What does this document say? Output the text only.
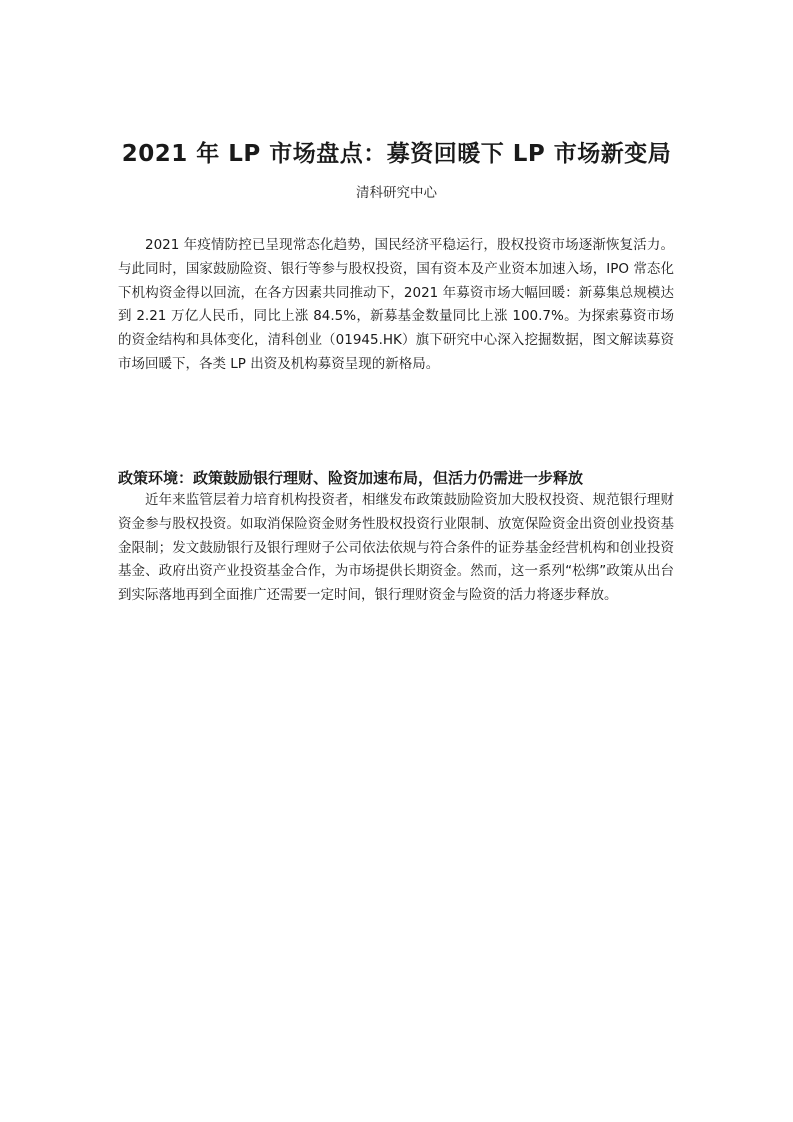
2021 年 LP 市场盘点：募资回暖下 LP 市场新变局
清科研究中心

2021 年疫情防控已呈现常态化趋势，国民经济平稳运行，股权投资市场逐渐恢复活力。与此同时，国家鼓励险资、银行等参与股权投资，国有资本及产业资本加速入场，IPO 常态化下机构资金得以回流，在各方因素共同推动下，2021 年募资市场大幅回暖：新募集总规模达到 2.21 万亿人民币，同比上涨 84.5%，新募基金数量同比上涨 100.7%。为探索募资市场的资金结构和具体变化，清科创业（01945.HK）旗下研究中心深入挖掘数据，图文解读募资市场回暖下，各类 LP 出资及机构募资呈现的新格局。

政策环境：政策鼓励银行理财、险资加速布局，但活力仍需进一步释放

近年来监管层着力培育机构投资者，相继发布政策鼓励险资加大股权投资、规范银行理财资金参与股权投资。如取消保险资金财务性股权投资行业限制、放宽保险资金出资创业投资基金限制；发文鼓励银行及银行理财子公司依法依规与符合条件的证券基金经营机构和创业投资基金、政府出资产业投资基金合作，为市场提供长期资金。然而，这一系列“松绑”政策从出台到实际落地再到全面推广还需要一定时间，银行理财资金与险资的活力将逐步释放。
